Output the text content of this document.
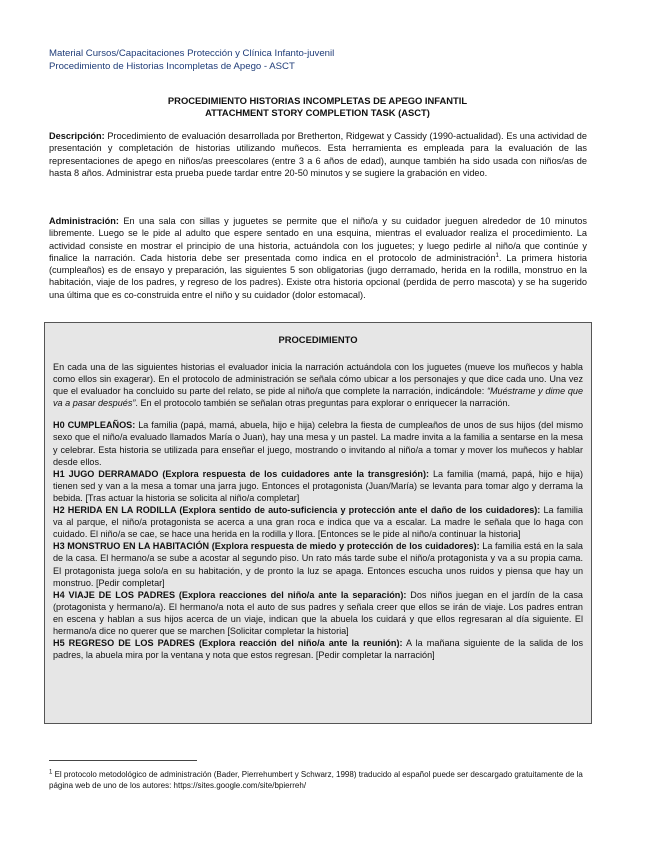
Material Cursos/Capacitaciones Protección y Clínica Infanto-juvenil
Procedimiento de Historias Incompletas de Apego - ASCT
PROCEDIMIENTO HISTORIAS INCOMPLETAS DE APEGO INFANTIL
ATTACHMENT STORY COMPLETION TASK (ASCT)
Descripción: Procedimiento de evaluación desarrollada por Bretherton, Ridgewat y Cassidy (1990-actualidad). Es una actividad de presentación y completación de historias utilizando muñecos. Esta herramienta es empleada para la evaluación de las representaciones de apego en niños/as preescolares (entre 3 a 6 años de edad), aunque también ha sido usada con niños/as de hasta 8 años. Administrar esta prueba puede tardar entre 20-50 minutos y se sugiere la grabación en video.
Administración: En una sala con sillas y juguetes se permite que el niño/a y su cuidador jueguen alrededor de 10 minutos libremente. Luego se le pide al adulto que espere sentado en una esquina, mientras el evaluador realiza el procedimiento. La actividad consiste en mostrar el principio de una historia, actuándola con los juguetes; y luego pedirle al niño/a que continúe y finalice la narración. Cada historia debe ser presentada como indica en el protocolo de administración$^1$. La primera historia (cumpleaños) es de ensayo y preparación, las siguientes 5 son obligatorias (jugo derramado, herida en la rodilla, monstruo en la habitación, viaje de los padres, y regreso de los padres). Existe otra historia opcional (perdida de perro mascota) y se ha sugerido una última que es co-construida entre el niño y su cuidador (dolor estomacal).
PROCEDIMIENTO

En cada una de las siguientes historias el evaluador inicia la narración actuándola con los juguetes (mueve los muñecos y habla como ellos sin exagerar). En el protocolo de administración se señala cómo ubicar a los personajes y que dice cada uno. Una vez que el evaluador ha concluido su parte del relato, se pide al niño/a que complete la narración, indicándole: “Muéstrame y dime que va a pasar después”. En el protocolo también se señalan otras preguntas para explorar o enriquecer la narración.

H0 CUMPLEAÑOS: La familia (papá, mamá, abuela, hijo e hija) celebra la fiesta de cumpleaños de unos de sus hijos (del mismo sexo que el niño/a evaluado llamados María o Juan), hay una mesa y un pastel. La madre invita a la familia a sentarse en la mesa y celebrar. Esta historia se utilizada para enseñar el juego, mostrando o invitando al niño/a a tomar y mover los muñecos y hablar desde ellos.

H1 JUGO DERRAMADO (Explora respuesta de los cuidadores ante la transgresión): La familia (mamá, papá, hijo e hija) tienen sed y van a la mesa a tomar una jarra jugo. Entonces el protagonista (Juan/María) se levanta para tomar algo y derrama la bebida. [Tras actuar la historia se solicita al niño/a completar]

H2 HERIDA EN LA RODILLA (Explora sentido de auto-suficiencia y protección ante el daño de los cuidadores): La familia va al parque, el niño/a protagonista se acerca a una gran roca e indica que va a escalar. La madre le señala que lo haga con cuidado. El niño/a se cae, se hace una herida en la rodilla y llora. [Entonces se le pide al niño/a continuar la historia]

H3 MONSTRUO EN LA HABITACIÓN (Explora respuesta de miedo y protección de los cuidadores): La familia está en la sala de la casa. El hermano/a se sube a acostar al segundo piso. Un rato más tarde sube el niño/a protagonista y va a su propia cama. El protagonista juega solo/a en su habitación, y de pronto la luz se apaga. Entonces escucha unos ruidos y piensa que hay un monstruo. [Pedir completar]

H4 VIAJE DE LOS PADRES (Explora reacciones del niño/a ante la separación): Dos niños juegan en el jardín de la casa (protagonista y hermano/a). El hermano/a nota el auto de sus padres y señala creer que ellos se irán de viaje. Los padres entran en escena y hablan a sus hijos acerca de un viaje, indican que la abuela los cuidará y que ellos regresaran al día siguiente. El hermano/a dice no querer que se marchen [Solicitar completar la historia]

H5 REGRESO DE LOS PADRES (Explora reacción del niño/a ante la reunión): A la mañana siguiente de la salida de los padres, la abuela mira por la ventana y nota que estos regresan. [Pedir completar la narración]

$^1$ El protocolo metodológico de administración (Bader, Pierrehumbert y Schwarz, 1998) traducido al español puede ser descargado gratuitamente de la página web de uno de los autores: https://sites.google.com/site/bpierreh/
